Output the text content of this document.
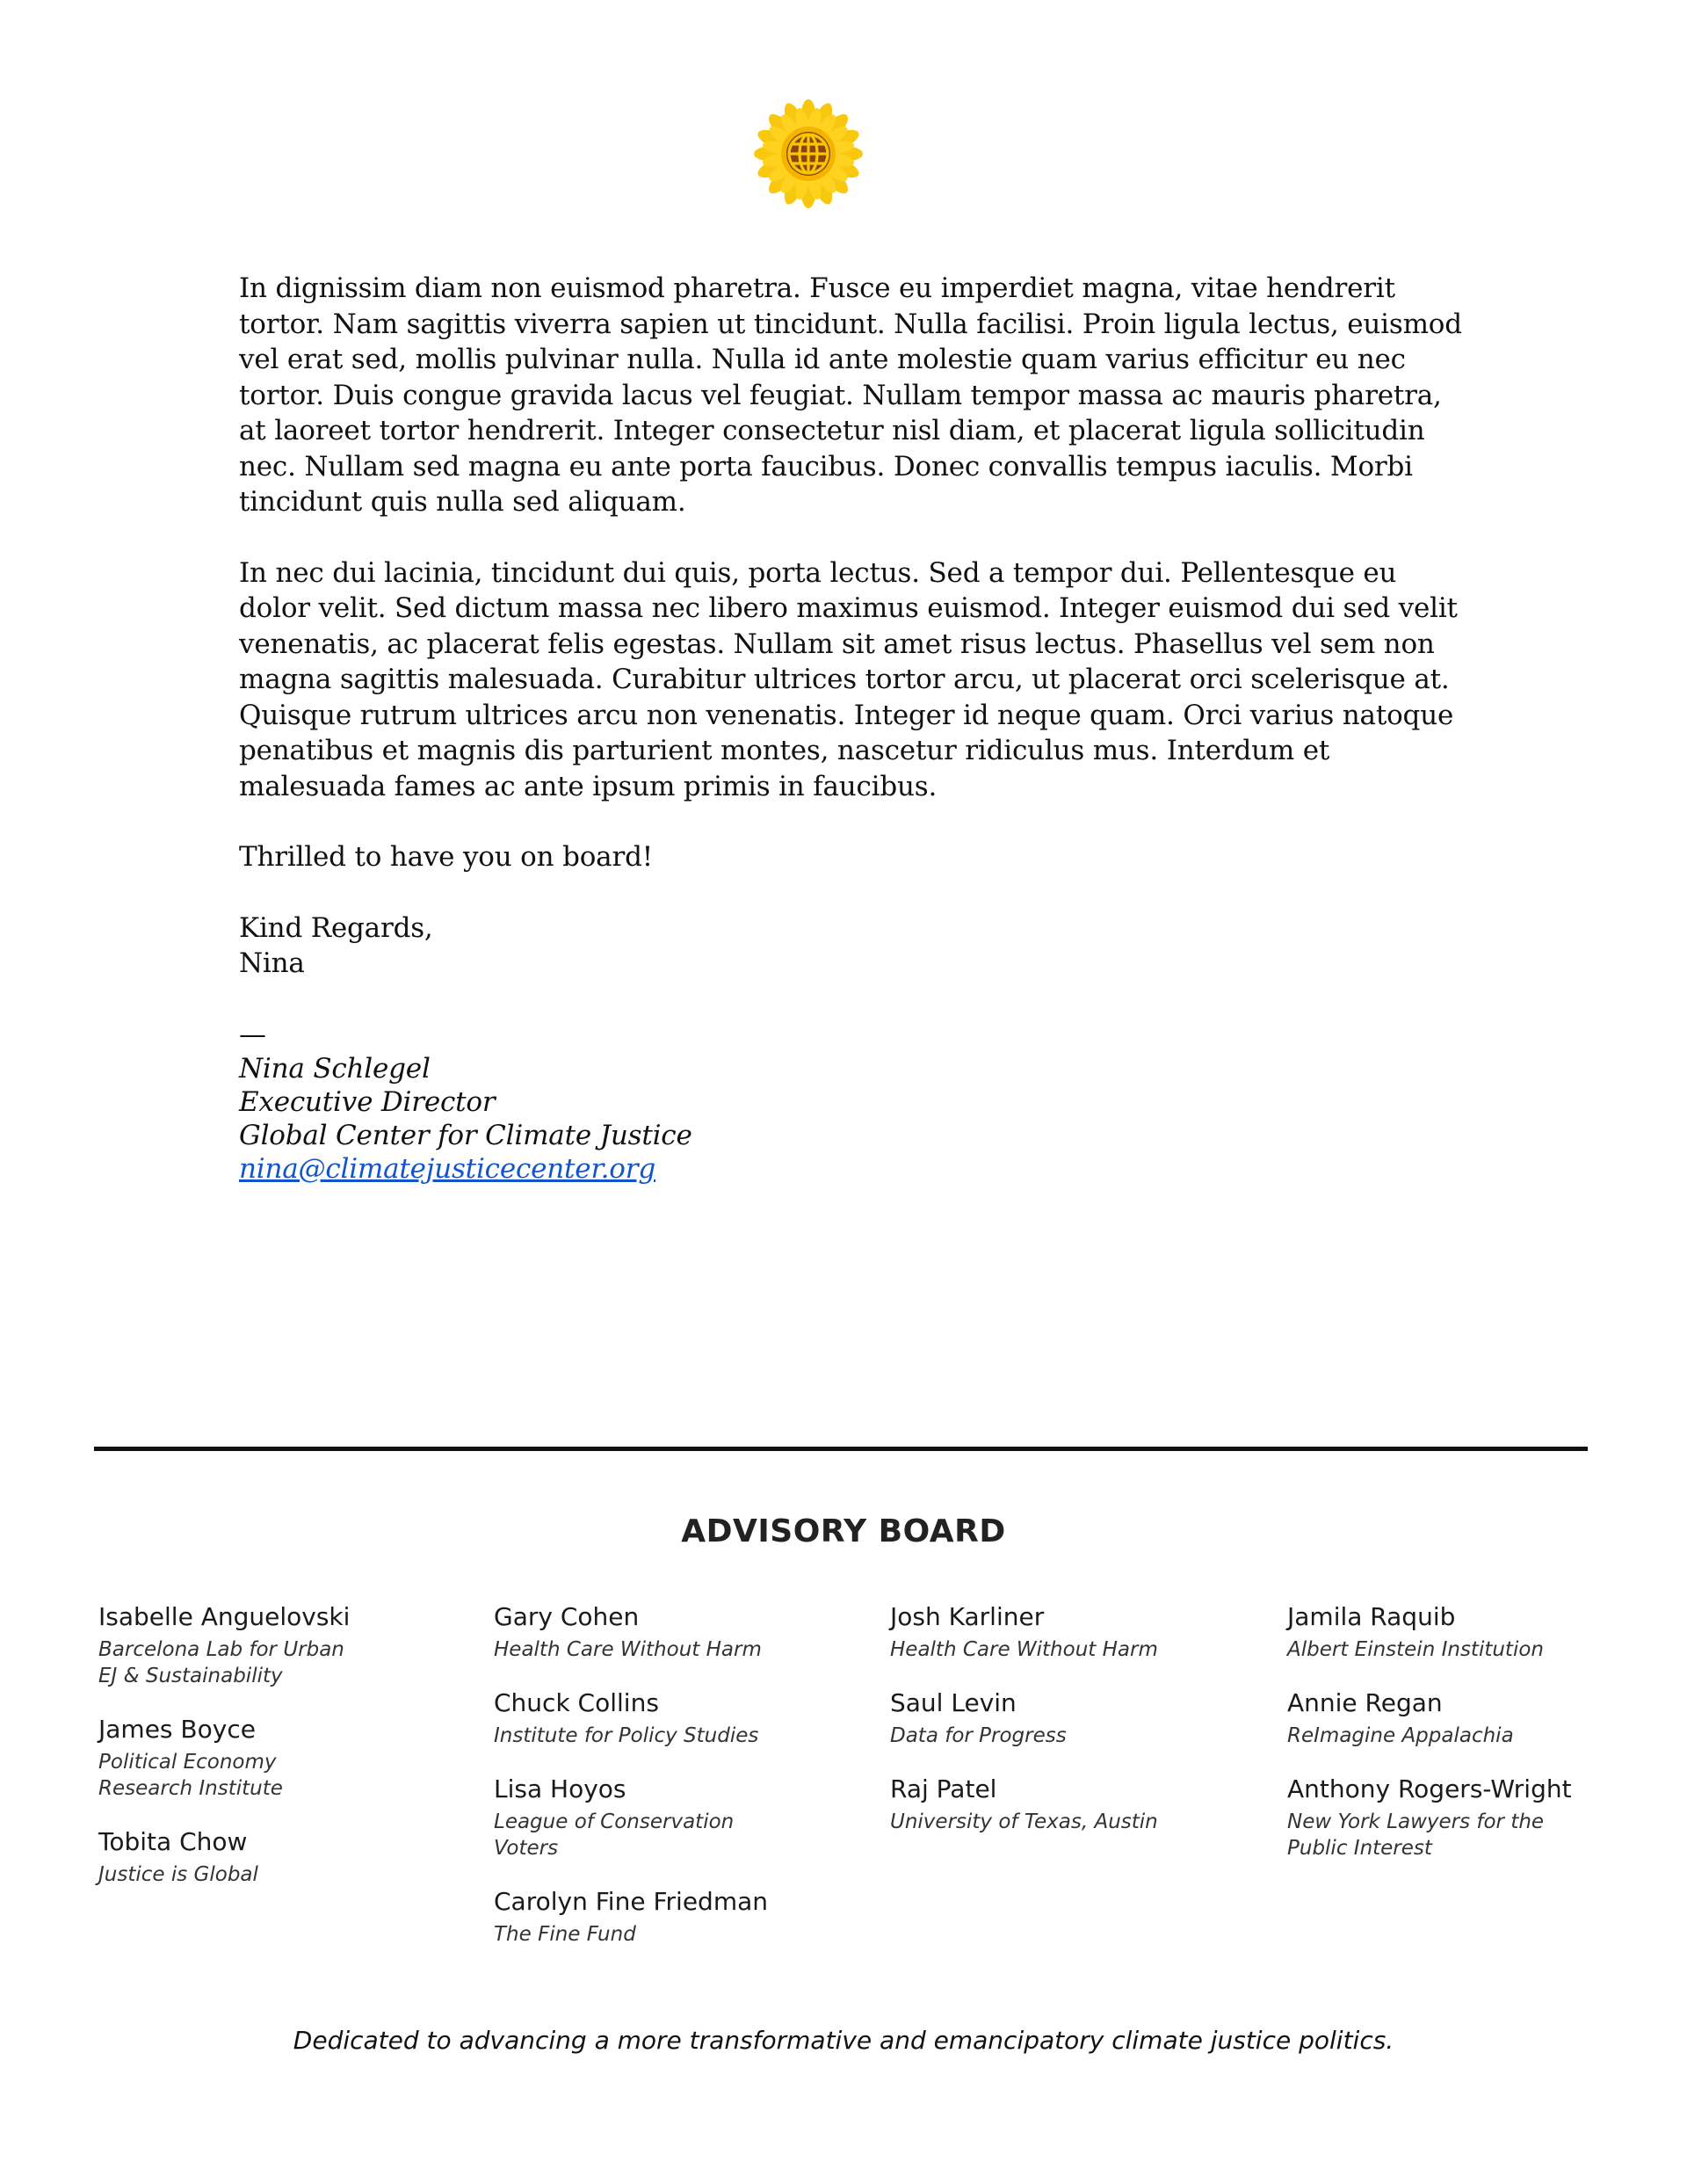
In dignissim diam non euismod pharetra. Fusce eu imperdiet magna, vitae hendrerit tortor. Nam sagittis viverra sapien ut tincidunt. Nulla facilisi. Proin ligula lectus, euismod vel erat sed, mollis pulvinar nulla. Nulla id ante molestie quam varius efficitur eu nec tortor. Duis congue gravida lacus vel feugiat. Nullam tempor massa ac mauris pharetra, at laoreet tortor hendrerit. Integer consectetur nisl diam, et placerat ligula sollicitudin nec. Nullam sed magna eu ante porta faucibus. Donec convallis tempus iaculis. Morbi tincidunt quis nulla sed aliquam.

In nec dui lacinia, tincidunt dui quis, porta lectus. Sed a tempor dui. Pellentesque eu dolor velit. Sed dictum massa nec libero maximus euismod. Integer euismod dui sed velit venenatis, ac placerat felis egestas. Nullam sit amet risus lectus. Phasellus vel sem non magna sagittis malesuada. Curabitur ultrices tortor arcu, ut placerat orci scelerisque at. Quisque rutrum ultrices arcu non venenatis. Integer id neque quam. Orci varius natoque penatibus et magnis dis parturient montes, nascetur ridiculus mus. Interdum et malesuada fames ac ante ipsum primis in faucibus.

Thrilled to have you on board!

Kind Regards,
Nina
—
Nina Schlegel
Executive Director
Global Center for Climate Justice
nina@climatejusticecenter.org
ADVISORY BOARD
Isabelle Anguelovski
Barcelona Lab for Urban
EJ & Sustainability
James Boyce
Political Economy
Research Institute
Tobita Chow
Justice is Global
Gary Cohen
Health Care Without Harm
Chuck Collins
Institute for Policy Studies
Lisa Hoyos
League of Conservation
Voters
Carolyn Fine Friedman
The Fine Fund
Josh Karliner
Health Care Without Harm
Saul Levin
Data for Progress
Raj Patel
University of Texas, Austin
Jamila Raquib
Albert Einstein Institution
Annie Regan
ReImagine Appalachia
Anthony Rogers-Wright
New York Lawyers for the
Public Interest
Dedicated to advancing a more transformative and emancipatory climate justice politics.
